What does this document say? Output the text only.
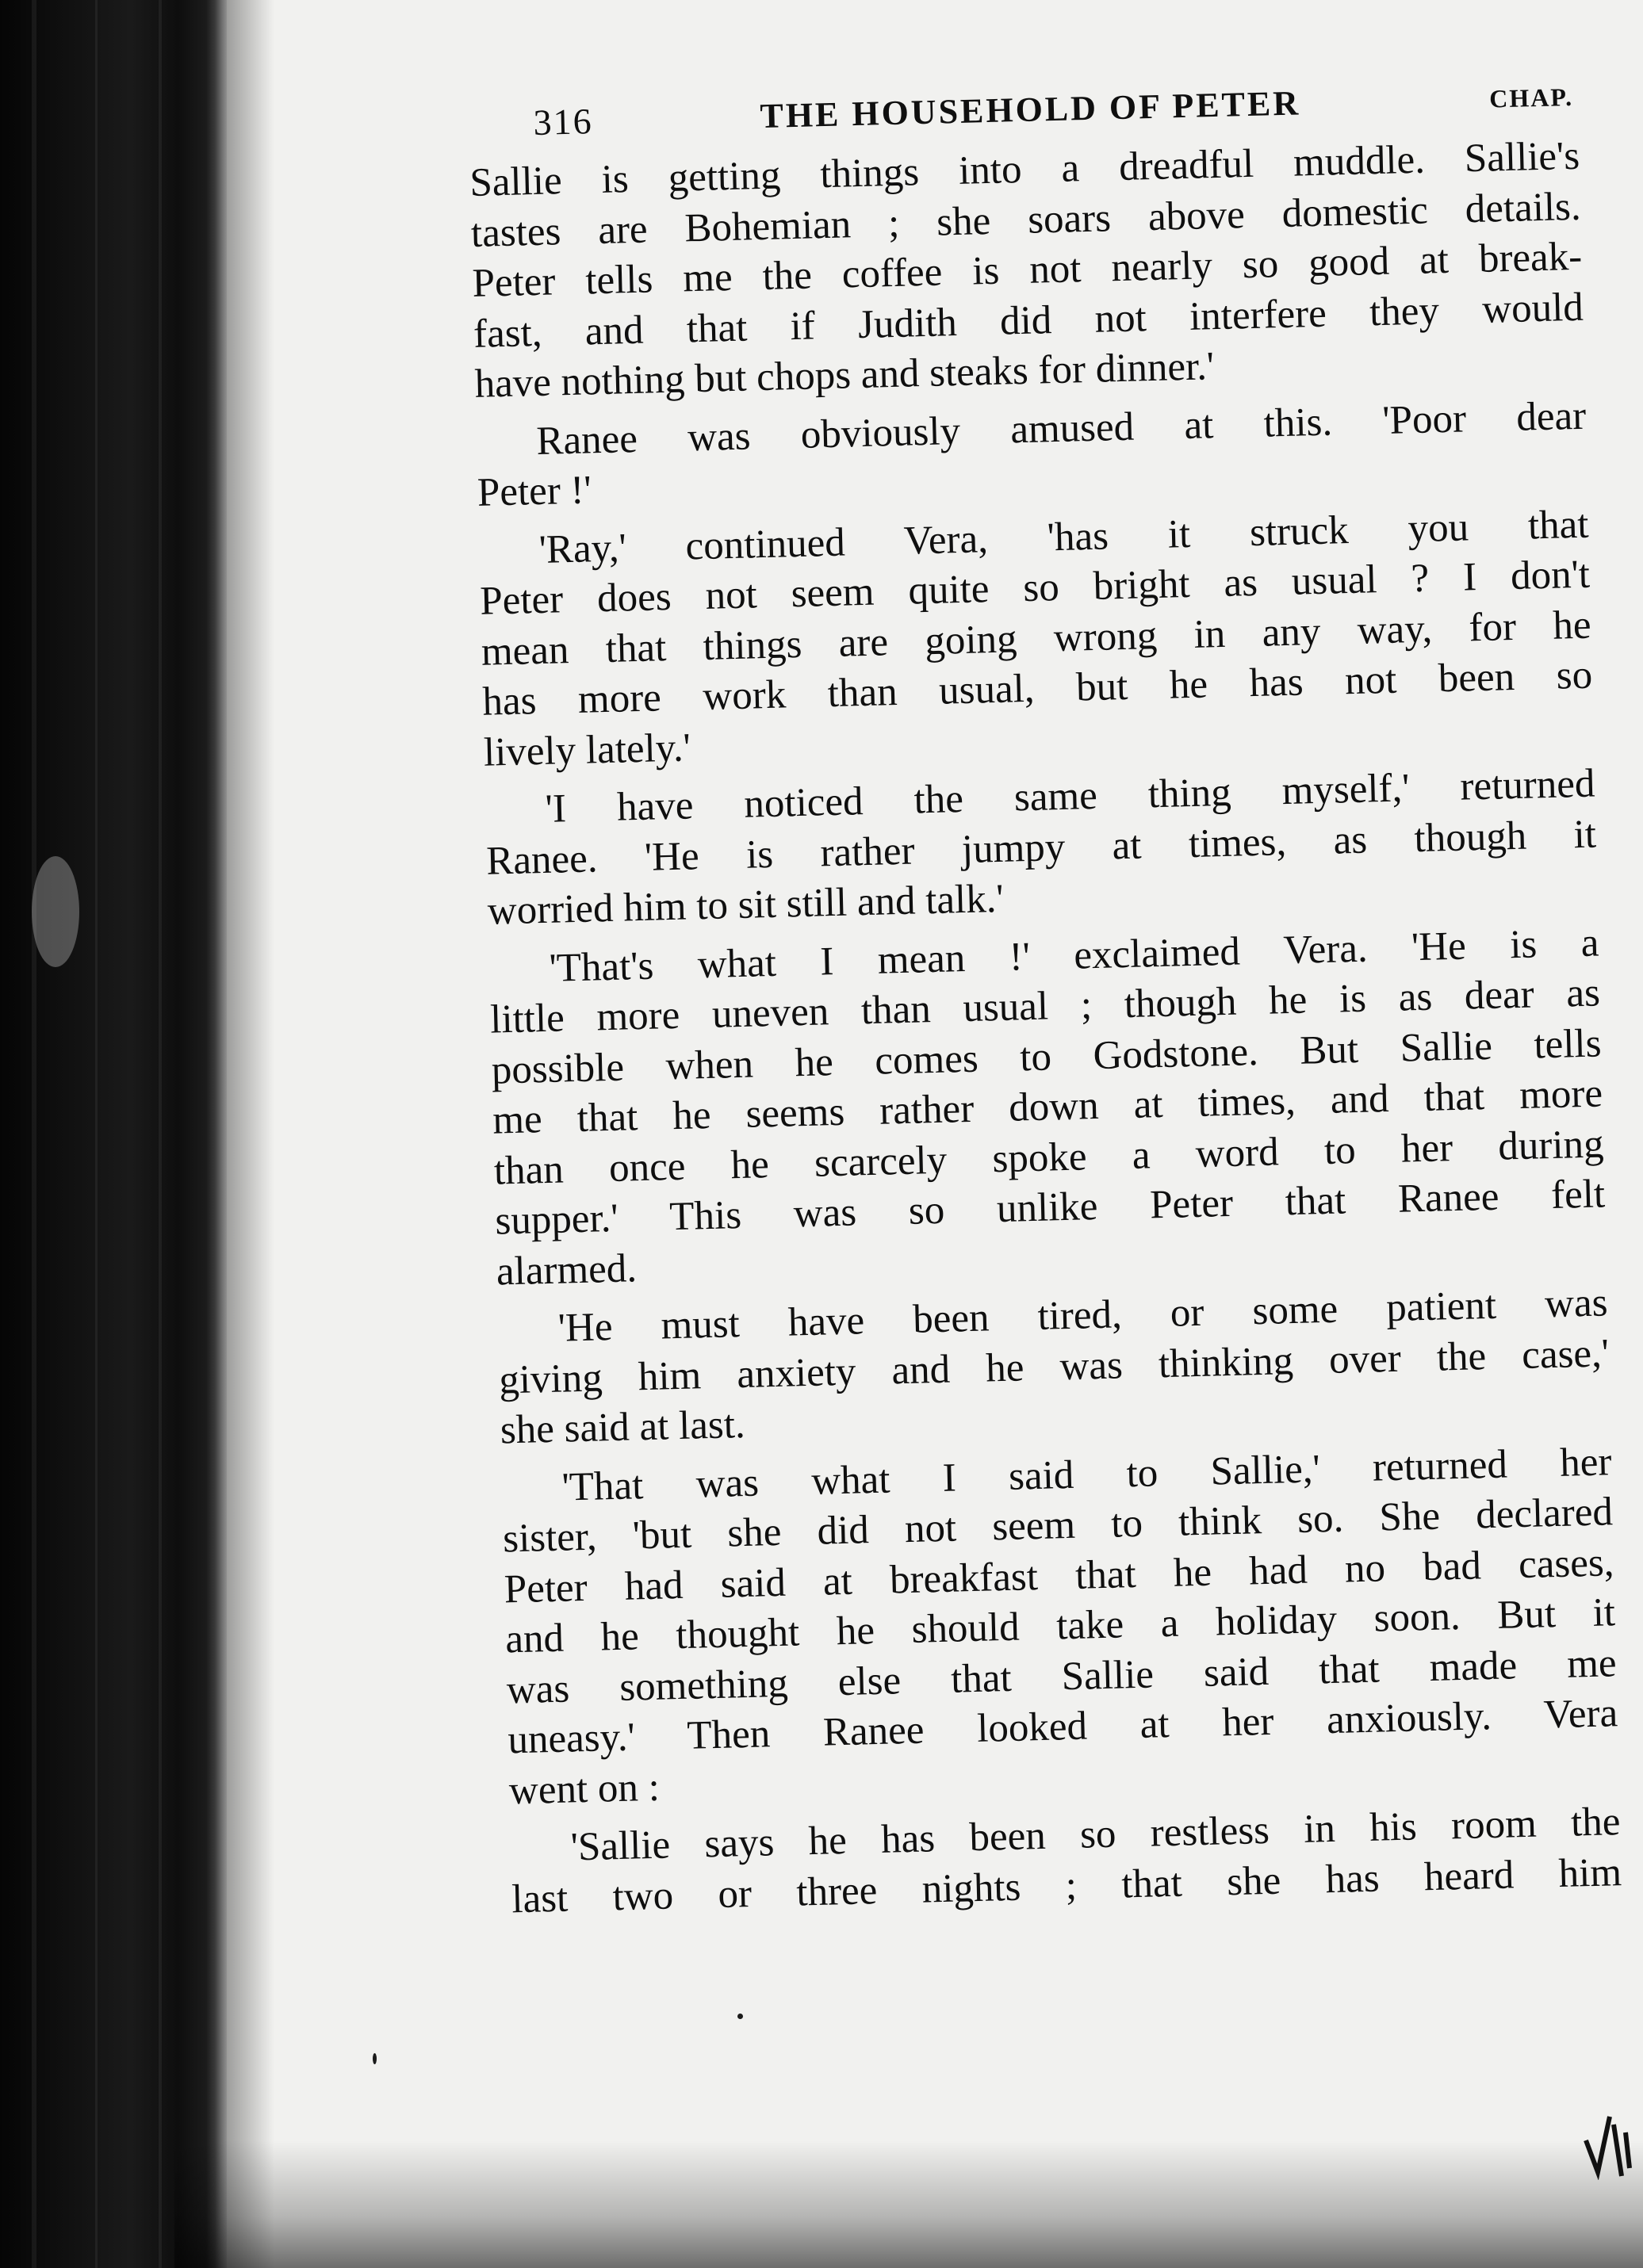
316	THE HOUSEHOLD OF PETER	CHAP.

Sallie is getting things into a dreadful muddle. Sallie's
tastes are Bohemian ; she soars above domestic details.
Peter tells me the coffee is not nearly so good at break-
fast, and that if Judith did not interfere they would
have nothing but chops and steaks for dinner.'

Ranee was obviously amused at this. 'Poor dear
Peter !'

'Ray,' continued Vera, 'has it struck you that
Peter does not seem quite so bright as usual ? I don't
mean that things are going wrong in any way, for he
has more work than usual, but he has not been so
lively lately.'

'I have noticed the same thing myself,' returned
Ranee. 'He is rather jumpy at times, as though it
worried him to sit still and talk.'

'That's what I mean !' exclaimed Vera. 'He is a
little more uneven than usual ; though he is as dear as
possible when he comes to Godstone. But Sallie tells
me that he seems rather down at times, and that more
than once he scarcely spoke a word to her during
supper.' This was so unlike Peter that Ranee felt
alarmed.

'He must have been tired, or some patient was
giving him anxiety and he was thinking over the case,'
she said at last.

'That was what I said to Sallie,' returned her
sister, 'but she did not seem to think so. She declared
Peter had said at breakfast that he had no bad cases,
and he thought he should take a holiday soon. But it
was something else that Sallie said that made me
uneasy.' Then Ranee looked at her anxiously. Vera
went on :

'Sallie says he has been so restless in his room the
last two or three nights ; that she has heard him
